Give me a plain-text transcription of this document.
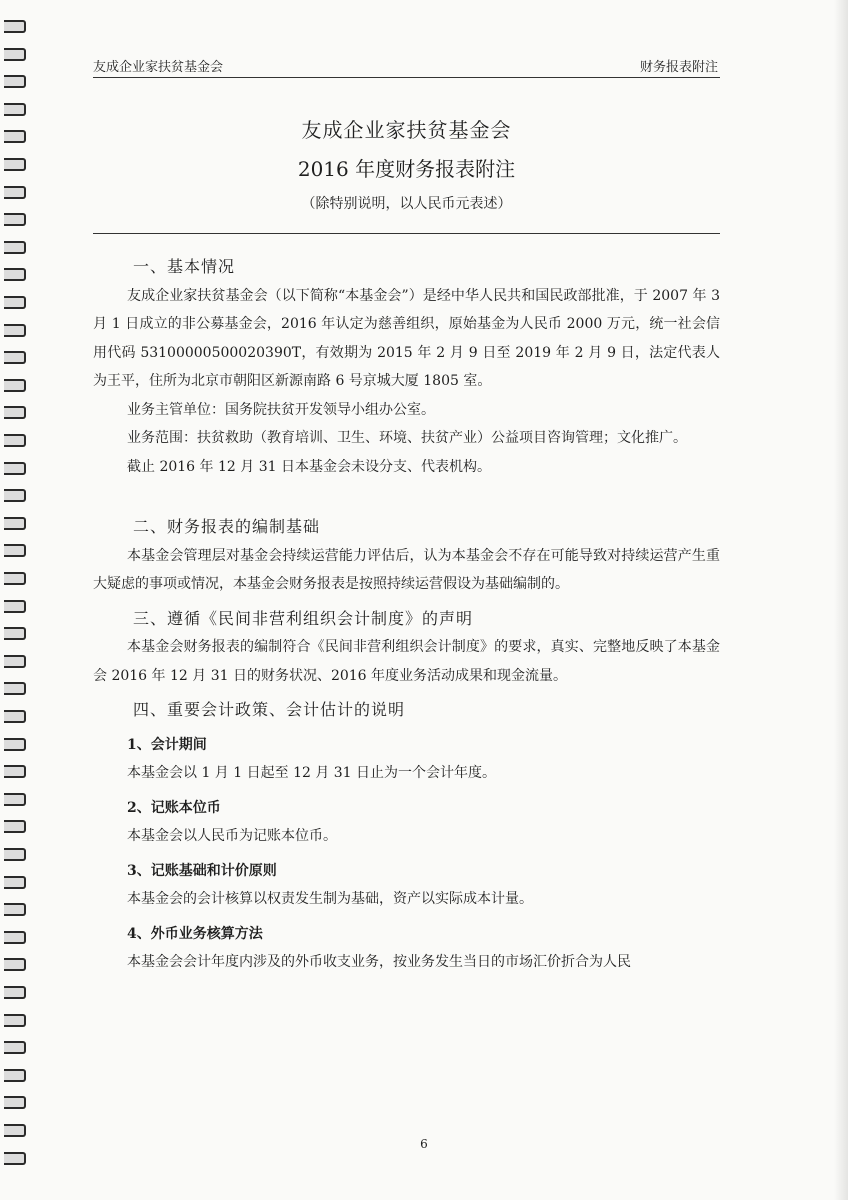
友成企业家扶贫基金会	财务报表附注
友成企业家扶贫基金会
2016 年度财务报表附注
（除特别说明，以人民币元表述）
一、基本情况

友成企业家扶贫基金会（以下简称“本基金会”）是经中华人民共和国民政部批准，于 2007 年 3 月 1 日成立的非公募基金会，2016 年认定为慈善组织，原始基金为人民币 2000 万元，统一社会信用代码 53100000500020390T，有效期为 2015 年 2 月 9 日至 2019 年 2 月 9 日，法定代表人为王平，住所为北京市朝阳区新源南路 6 号京城大厦 1805 室。

业务主管单位：国务院扶贫开发领导小组办公室。

业务范围：扶贫救助（教育培训、卫生、环境、扶贫产业）公益项目咨询管理；文化推广。

截止 2016 年 12 月 31 日本基金会未设分支、代表机构。

二、财务报表的编制基础

本基金会管理层对基金会持续运营能力评估后，认为本基金会不存在可能导致对持续运营产生重大疑虑的事项或情况，本基金会财务报表是按照持续运营假设为基础编制的。

三、遵循《民间非营利组织会计制度》的声明

本基金会财务报表的编制符合《民间非营利组织会计制度》的要求，真实、完整地反映了本基金会 2016 年 12 月 31 日的财务状况、2016 年度业务活动成果和现金流量。

四、重要会计政策、会计估计的说明
1、会计期间

本基金会以 1 月 1 日起至 12 月 31 日止为一个会计年度。

2、记账本位币

本基金会以人民币为记账本位币。

3、记账基础和计价原则

本基金会的会计核算以权责发生制为基础，资产以实际成本计量。

4、外币业务核算方法

本基金会会计年度内涉及的外币收支业务，按业务发生当日的市场汇价折合为人民

6
